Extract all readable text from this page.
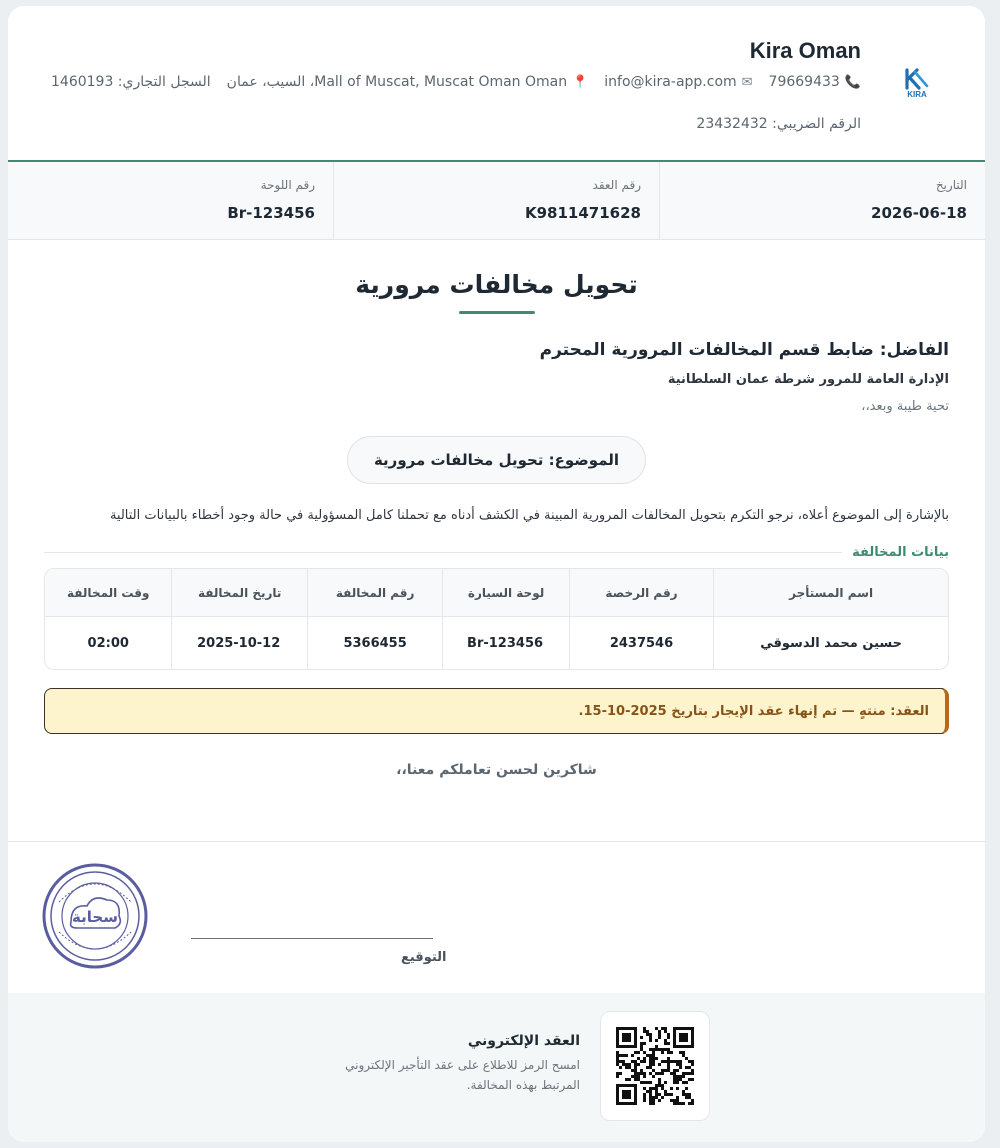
KIRA
Kira Oman
📞
79669433
✉
info@kira-app.com
📍
Mall of Muscat, Muscat Oman Oman، السيب، عمان
السجل التجاري: 1460193
الرقم الضريبي: 23432432
التاريخ
2026-06-18
رقم العقد
K9811471628
رقم اللوحة
Br-123456
تحويل مخالفات مرورية
الفاضل: ضابط قسم المخالفات المرورية المحترم
الإدارة العامة للمرور شرطة عمان السلطانية
تحية طيبة وبعد،،
الموضوع: تحويل مخالفات مرورية
بالإشارة إلى الموضوع أعلاه، نرجو التكرم بتحويل المخالفات المرورية المبينة في الكشف أدناه مع تحملنا كامل المسؤولية في حالة وجود أخطاء بالبيانات التالية
بيانات المخالفة
اسم المستأجر	رقم الرخصة	لوحة السيارة	رقم المخالفة	تاريخ المخالفة	وقت المخالفة
حسين محمد الدسوقي	2437546	Br-123456	5366455	2025-10-12	02:00
العقد: منتهٍ — تم إنهاء عقد الإيجار بتاريخ 2025-10-15.
شاكرين لحسن تعاملكم معنا،،
التوقيع
سحابة
العقد الإلكتروني
امسح الرمز للاطلاع على عقد التأجير الإلكتروني المرتبط بهذه المخالفة.
